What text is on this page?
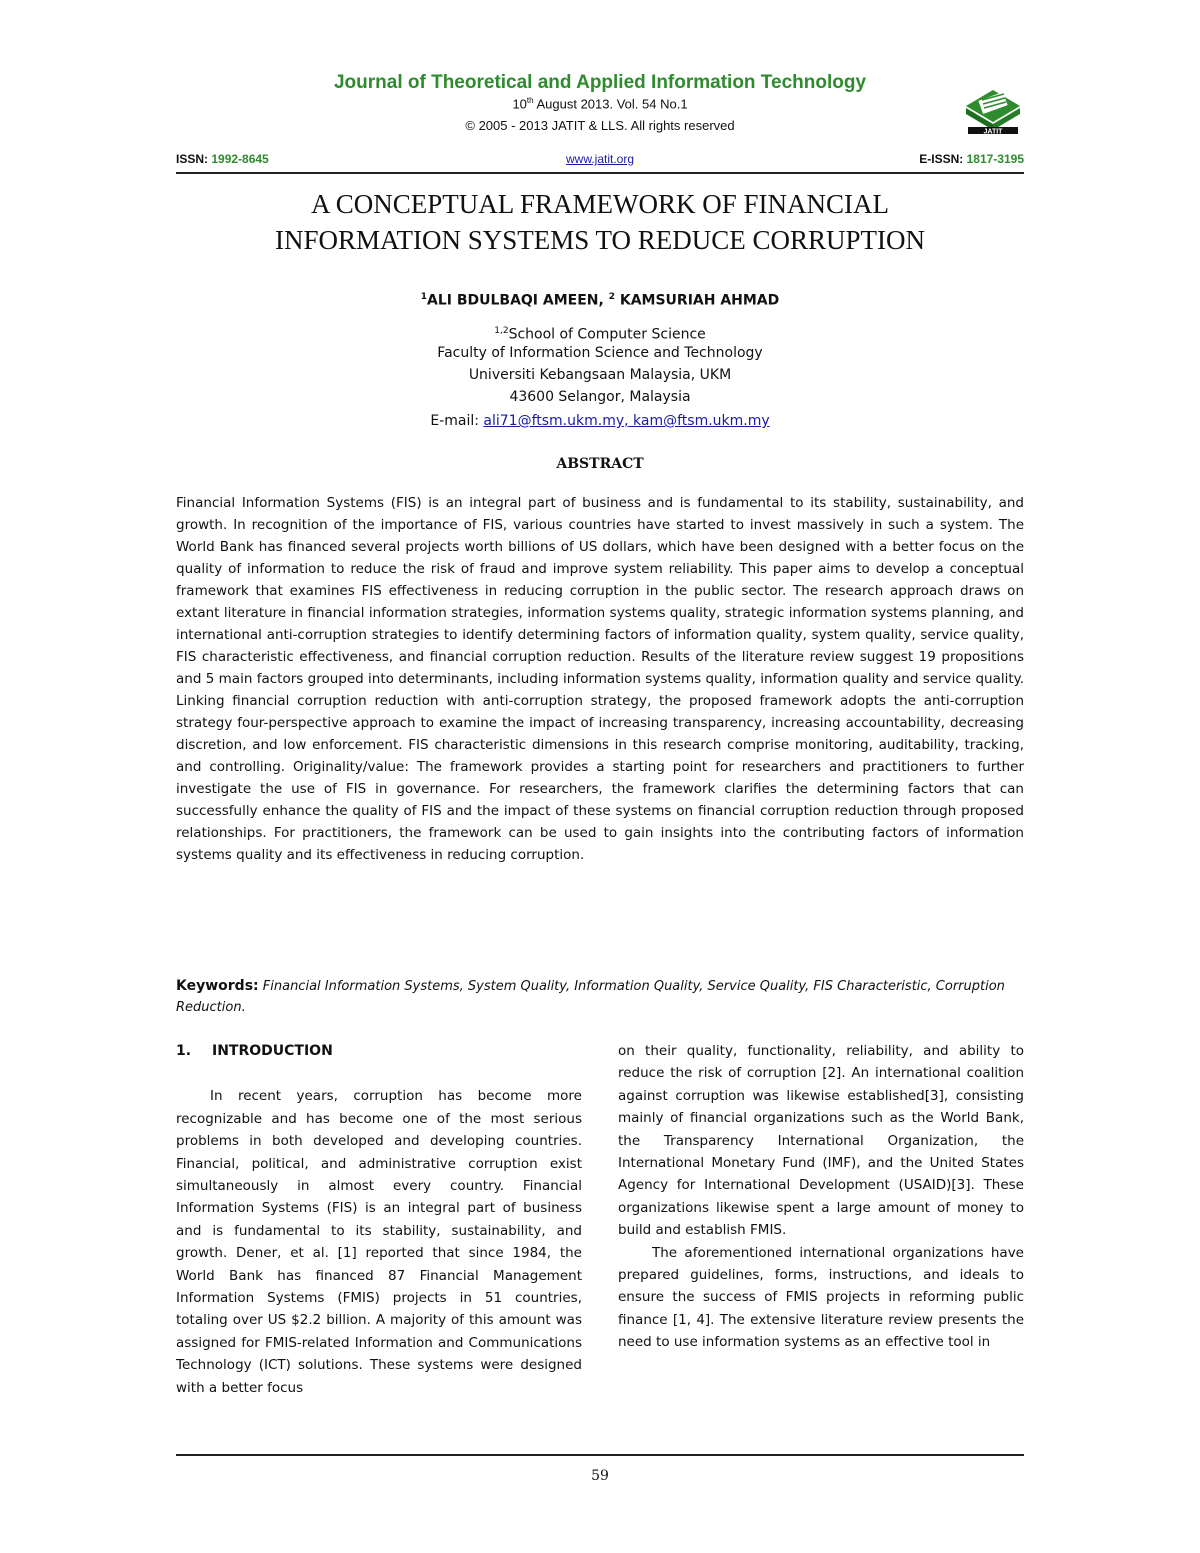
Journal of Theoretical and Applied Information Technology
10th August 2013. Vol. 54 No.1
© 2005 - 2013 JATIT & LLS. All rights reserved	JATIT
ISSN: 1992-8645	www.jatit.org	E-ISSN: 1817-3195
A CONCEPTUAL FRAMEWORK OF FINANCIAL
INFORMATION SYSTEMS TO REDUCE CORRUPTION
$^1$ALI BDULBAQI AMEEN, $^2$ KAMSURIAH AHMAD
$^{1,2}$School of Computer Science
Faculty of Information Science and Technology
Universiti Kebangsaan Malaysia, UKM
43600 Selangor, Malaysia
E-mail: ali71@ftsm.ukm.my, kam@ftsm.ukm.my
ABSTRACT

Financial Information Systems (FIS) is an integral part of business and is fundamental to its stability, sustainability, and growth. In recognition of the importance of FIS, various countries have started to invest massively in such a system. The World Bank has financed several projects worth billions of US dollars, which have been designed with a better focus on the quality of information to reduce the risk of fraud and improve system reliability. This paper aims to develop a conceptual framework that examines FIS effectiveness in reducing corruption in the public sector. The research approach draws on extant literature in financial information strategies, information systems quality, strategic information systems planning, and international anti-corruption strategies to identify determining factors of information quality, system quality, service quality, FIS characteristic effectiveness, and financial corruption reduction. Results of the literature review suggest 19 propositions and 5 main factors grouped into determinants, including information systems quality, information quality and service quality. Linking financial corruption reduction with anti-corruption strategy, the proposed framework adopts the anti-corruption strategy four-perspective approach to examine the impact of increasing transparency, increasing accountability, decreasing discretion, and low enforcement. FIS characteristic dimensions in this research comprise monitoring, auditability, tracking, and controlling. Originality/value: The framework provides a starting point for researchers and practitioners to further investigate the use of FIS in governance. For researchers, the framework clarifies the determining factors that can successfully enhance the quality of FIS and the impact of these systems on financial corruption reduction through proposed relationships. For practitioners, the framework can be used to gain insights into the contributing factors of information systems quality and its effectiveness in reducing corruption.

Keywords: Financial Information Systems, System Quality, Information Quality, Service Quality, FIS Characteristic, Corruption Reduction.
1. INTRODUCTION

In recent years, corruption has become more recognizable and has become one of the most serious problems in both developed and developing countries. Financial, political, and administrative corruption exist simultaneously in almost every country. Financial Information Systems (FIS) is an integral part of business and is fundamental to its stability, sustainability, and growth. Dener, et al. [1] reported that since 1984, the World Bank has financed 87 Financial Management Information Systems (FMIS) projects in 51 countries, totaling over US $2.2 billion. A majority of this amount was assigned for FMIS-related Information and Communications Technology (ICT) solutions. These systems were designed with a better focus

on their quality, functionality, reliability, and ability to reduce the risk of corruption [2]. An international coalition against corruption was likewise established[3], consisting mainly of financial organizations such as the World Bank, the Transparency International Organization, the International Monetary Fund (IMF), and the United States Agency for International Development (USAID)[3]. These organizations likewise spent a large amount of money to build and establish FMIS.

The aforementioned international organizations have prepared guidelines, forms, instructions, and ideals to ensure the success of FMIS projects in reforming public finance [1, 4]. The extensive literature review presents the need to use information systems as an effective tool in

59
